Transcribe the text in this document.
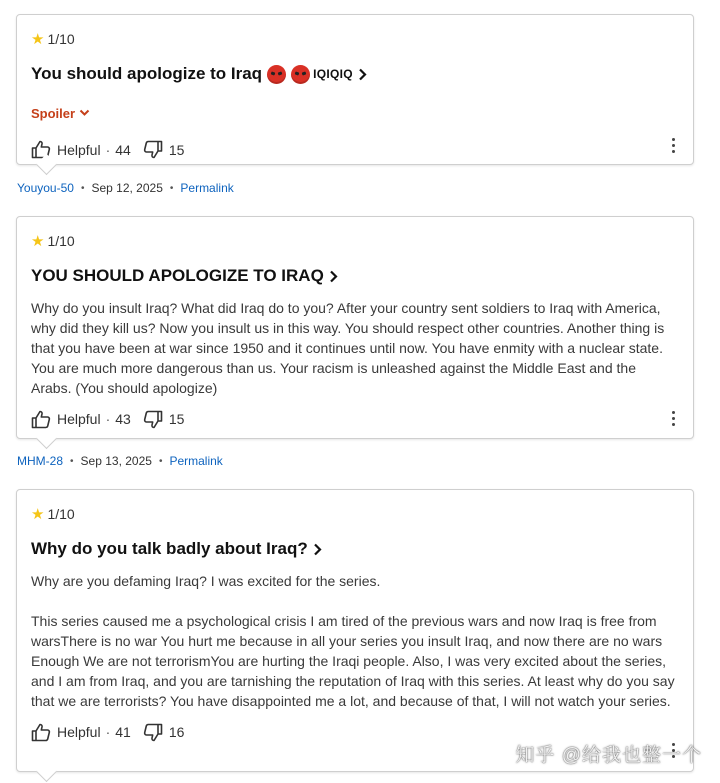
★ 1/10
You should apologize to Iraq	IQIQIQ
Spoiler
Helpful · 44	15
Youyou-50 • Sep 12, 2025 • Permalink
★ 1/10
YOU SHOULD APOLOGIZE TO IRAQ
Why do you insult Iraq? What did Iraq do to you? After your country sent soldiers to Iraq with America, why did they kill us? Now you insult us in this way. You should respect other countries. Another thing is that you have been at war since 1950 and it continues until now. You have enmity with a nuclear state. You are much more dangerous than us. Your racism is unleashed against the Middle East and the Arabs. (You should apologize)
Helpful · 43	15
MHM-28 • Sep 13, 2025 • Permalink
★ 1/10
Why do you talk badly about Iraq?
Why are you defaming Iraq? I was excited for the series.

This series caused me a psychological crisis I am tired of the previous wars and now Iraq is free from warsThere is no war You hurt me because in all your series you insult Iraq, and now there are no wars Enough We are not terrorismYou are hurting the Iraqi people. Also, I was very excited about the series, and I am from Iraq, and you are tarnishing the reputation of Iraq with this series. At least why do you say that we are terrorists? You have disappointed me a lot, and because of that, I will not watch your series.
Helpful · 41	16
知乎 @给我也整一个
